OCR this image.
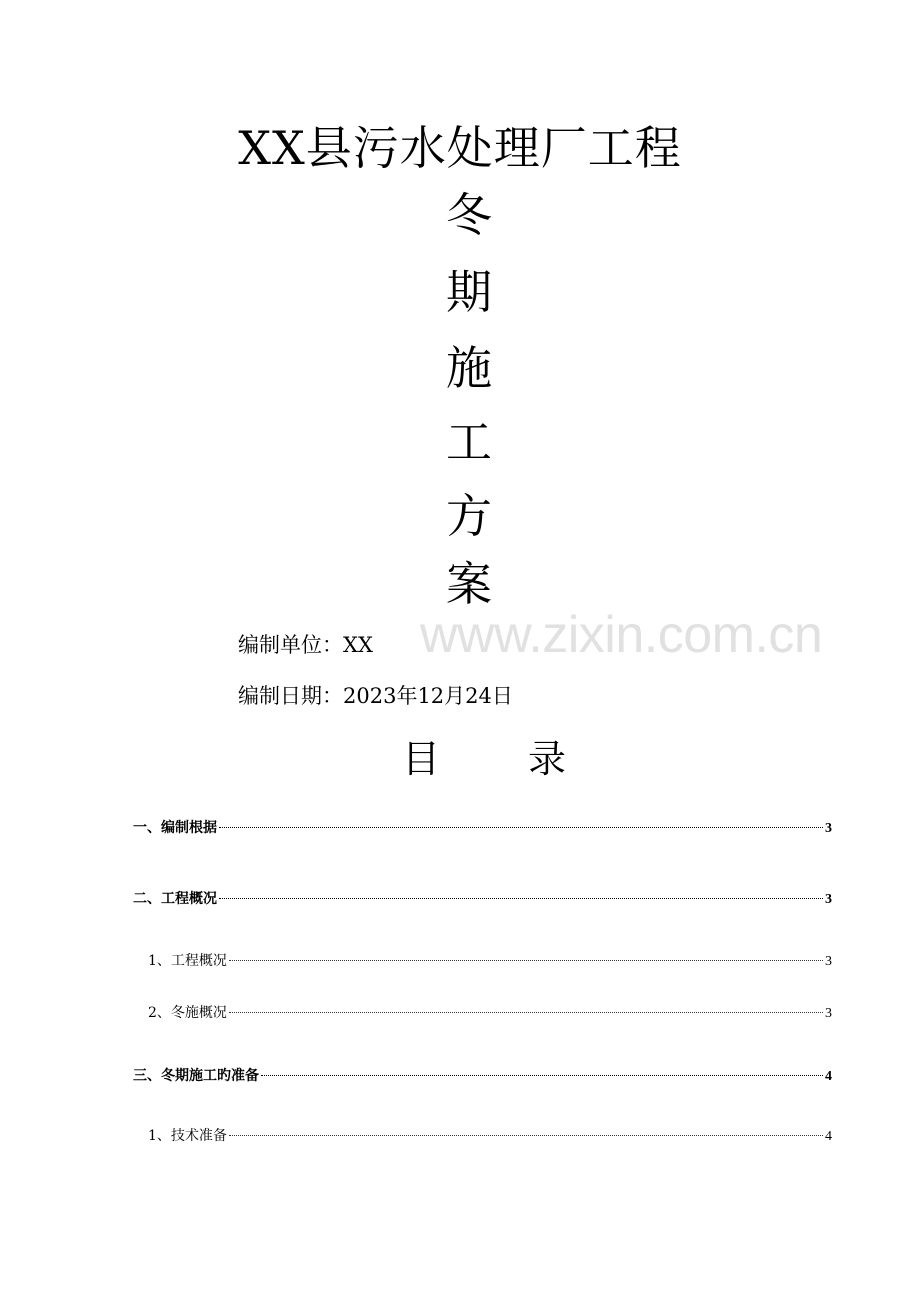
www.zixin.com.cn
XX县污水处理厂工程
冬
期
施
工
方
案
编制单位：XX
编制日期：2023年12月24日
目 录
一、编制根据	3
二、工程概况	3
1、工程概况	3
2、冬施概况	3
三、冬期施工旳准备	4
1、技术准备	4
